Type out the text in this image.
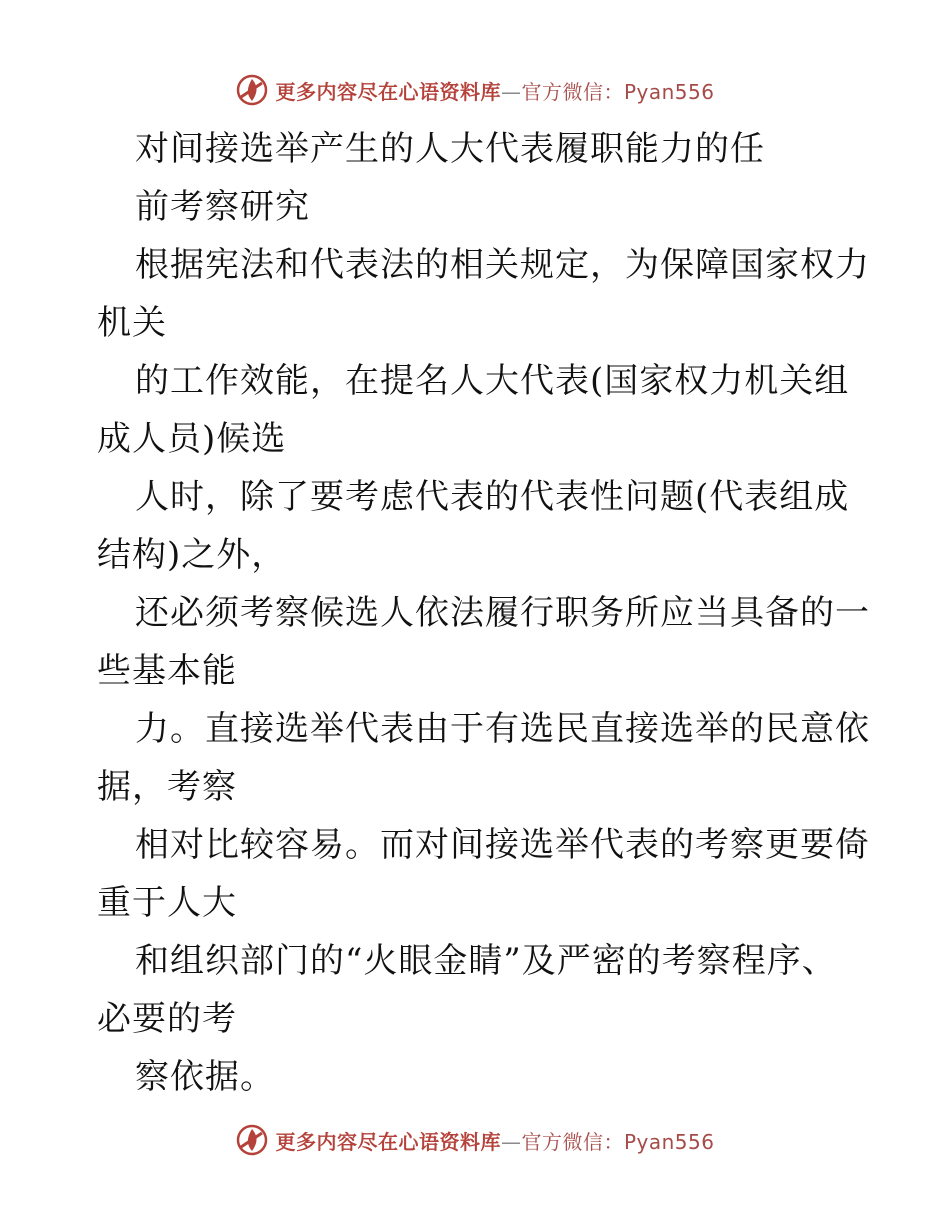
更多内容尽在心语资料库—官方微信：Pyan556
对间接选举产生的人大代表履职能力的任
前考察研究
根据宪法和代表法的相关规定，为保障国家权力
机关
的工作效能，在提名人大代表(国家权力机关组
成人员)候选
人时，除了要考虑代表的代表性问题(代表组成
结构)之外，
还必须考察候选人依法履行职务所应当具备的一
些基本能
力。直接选举代表由于有选民直接选举的民意依
据，考察
相对比较容易。而对间接选举代表的考察更要倚
重于人大
和组织部门的“火眼金睛”及严密的考察程序、
必要的考
察依据。
更多内容尽在心语资料库—官方微信：Pyan556
